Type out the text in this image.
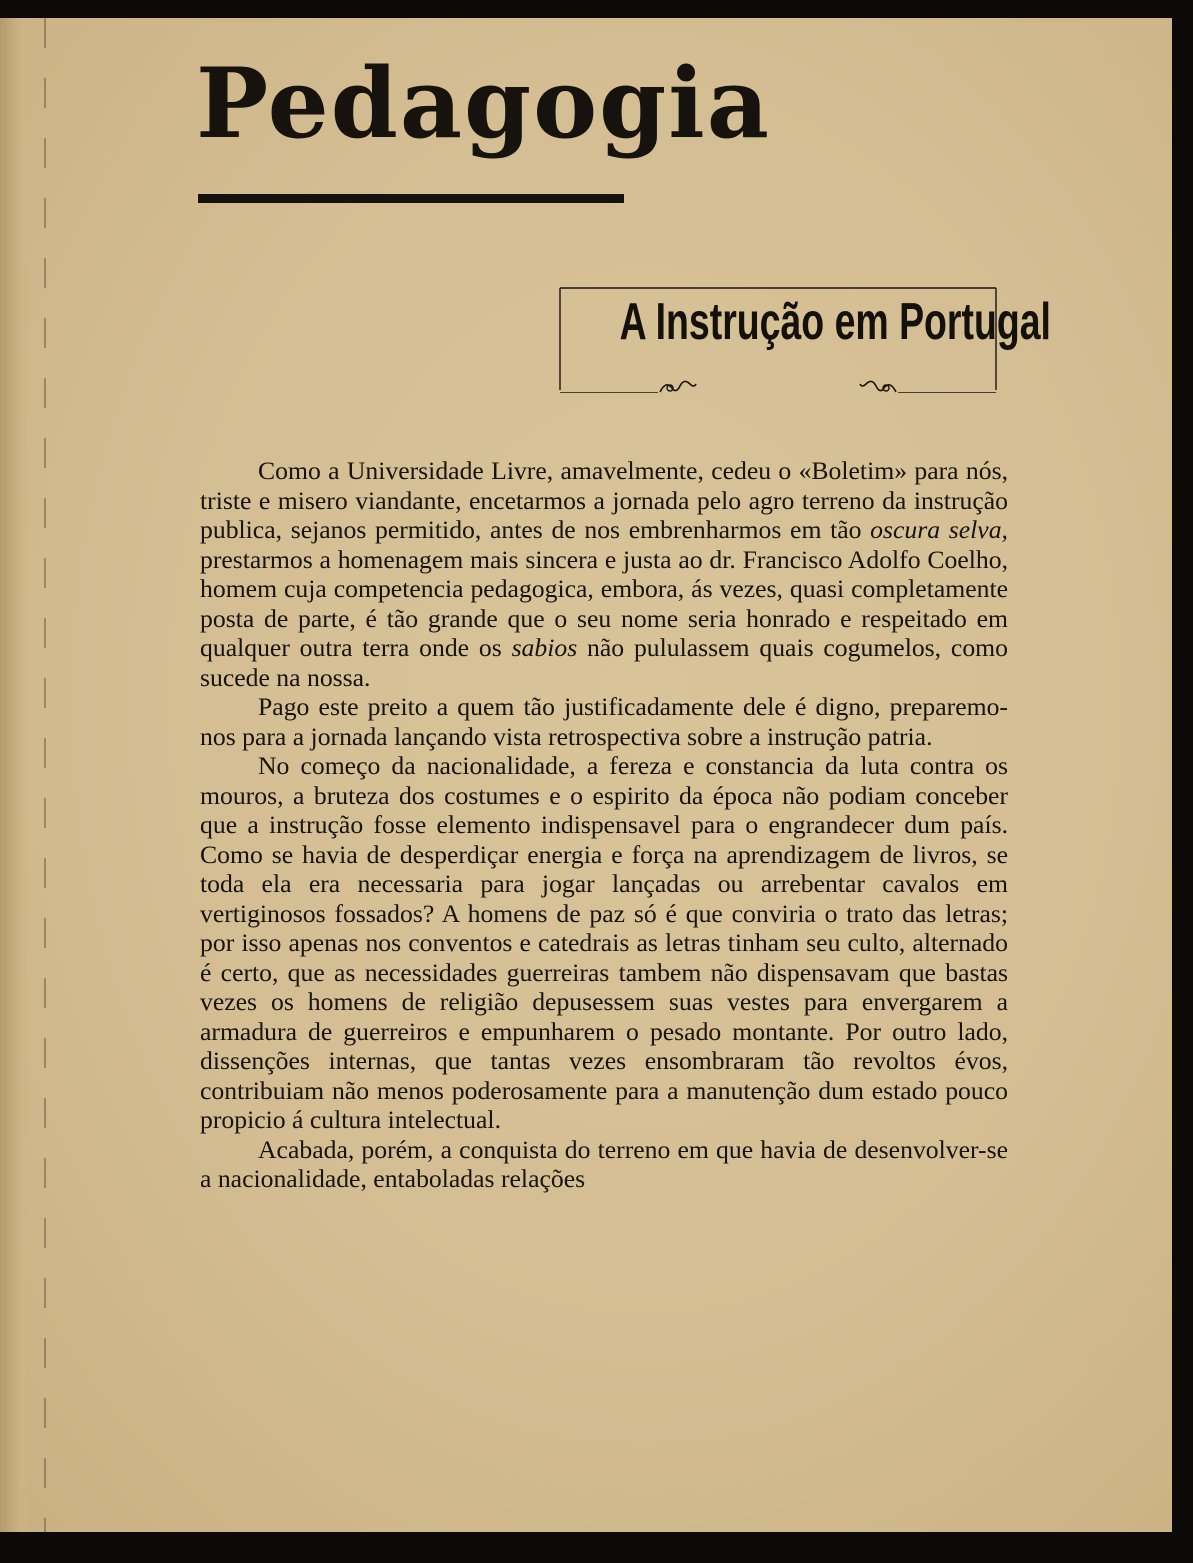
Pedagogia
A Instrução em Portugal

Como a Universidade Livre, amavelmente, cedeu o «Boletim» para nós, triste e misero viandante, encetarmos a jornada pelo agro terreno da instrução publica, sejanos permitido, antes de nos embrenharmos em tão oscura selva, prestarmos a homenagem mais sincera e justa ao dr. Francisco Adolfo Coelho, homem cuja competencia pedagogica, embora, ás vezes, quasi completamente posta de parte, é tão grande que o seu nome seria honrado e respeitado em qualquer outra terra onde os sabios não pululassem quais cogumelos, como sucede na nossa.

Pago este preito a quem tão justificadamente dele é digno, preparemo-nos para a jornada lançando vista retrospectiva sobre a instrução patria.

No começo da nacionalidade, a fereza e constancia da luta contra os mouros, a bruteza dos costumes e o espirito da época não podiam conceber que a instrução fosse elemento indispensavel para o engrandecer dum país. Como se havia de desperdiçar energia e força na aprendizagem de livros, se toda ela era necessaria para jogar lançadas ou arrebentar cavalos em vertiginosos fossados? A homens de paz só é que conviria o trato das letras; por isso apenas nos conventos e catedrais as letras tinham seu culto, alternado é certo, que as necessidades guerreiras tambem não dispensavam que bastas vezes os homens de religião depusessem suas vestes para envergarem a armadura de guerreiros e empunharem o pesado montante. Por outro lado, dissenções internas, que tantas vezes ensombraram tão revoltos évos, contribuiam não menos poderosamente para a manutenção dum estado pouco propicio á cultura intelectual.

Acabada, porém, a conquista do terreno em que havia de desenvolver-se a nacionalidade, entaboladas relações
